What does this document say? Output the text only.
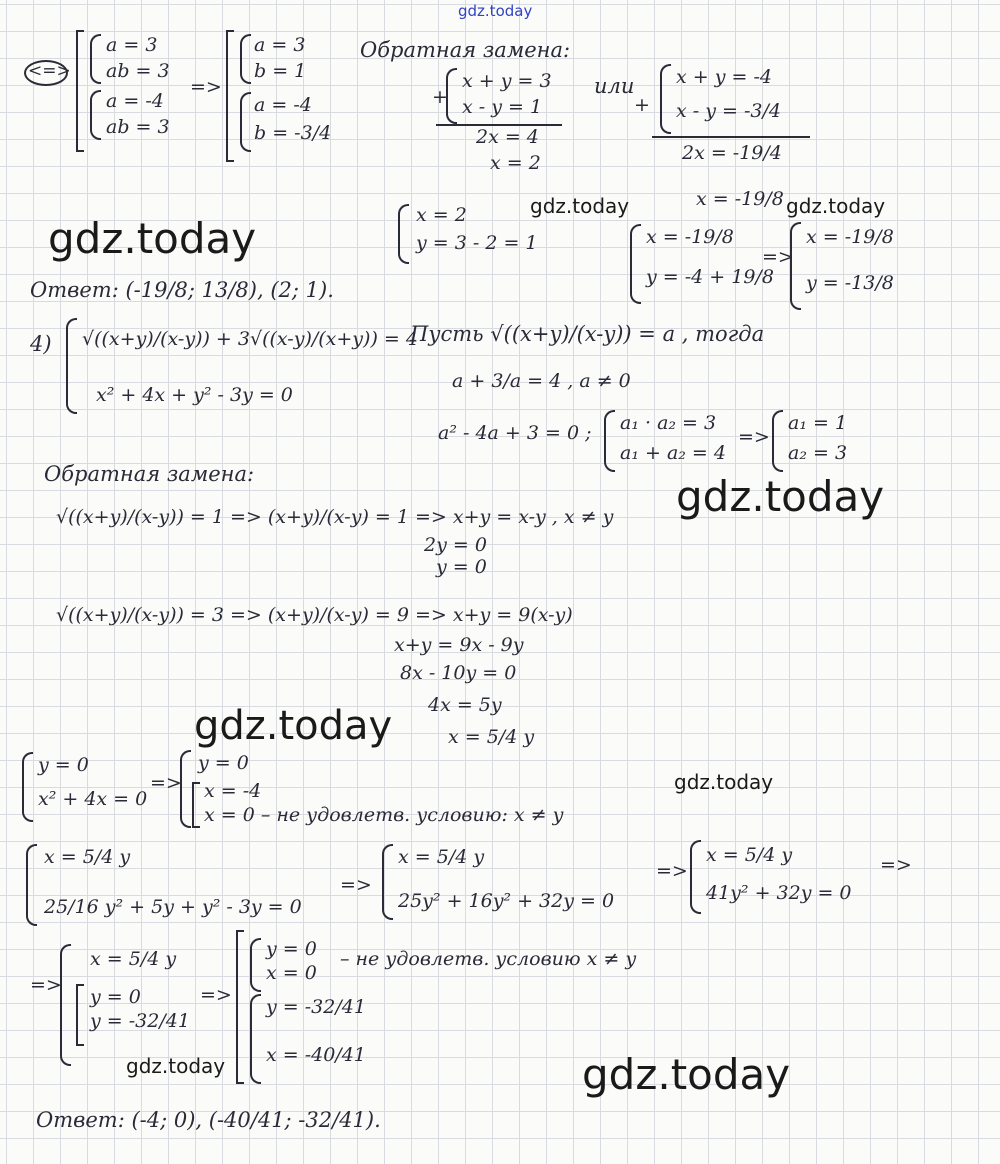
gdz.today
gdz.today
gdz.today	gdz.today
gdz.today
gdz.today
gdz.today
gdz.today	gdz.today
<=>
a = 3
ab = 3
a = -4
ab = 3
=>
a = 3
b = 1
a = -4
b = -3/4
Обратная замена:
+
x + y = 3
x - y = 1
2x = 4
x = 2
или
+
x + y = -4
x - y = -3/4
2x = -19/4
x = -19/8
x = 2
y = 3 - 2 = 1	x = -19/8
y = -4 + 19/8
=>
x = -19/8
y = -13/8
Ответ: (-19/8; 13/8), (2; 1).
4) √((x+y)/(x-y)) + 3√((x-y)/(x+y)) = 4
x² + 4x + y² - 3y = 0
Пусть √((x+y)/(x-y)) = a , тогда
a + 3/a = 4 , a ≠ 0
a² - 4a + 3 = 0 ; a₁ · a₂ = 3
a₁ + a₂ = 4
=>
a₁ = 1
a₂ = 3
Обратная замена:
√((x+y)/(x-y)) = 1 => (x+y)/(x-y) = 1 => x+y = x-y , x ≠ y
2y = 0
y = 0
√((x+y)/(x-y)) = 3 => (x+y)/(x-y) = 9 => x+y = 9(x-y)
x+y = 9x - 9y
8x - 10y = 0
4x = 5y
x = 5/4 y
y = 0
x² + 4x = 0
=>
y = 0
x = -4
x = 0 – не удовлетв. условию: x ≠ y
x = 5/4 y
25/16 y² + 5y + y² - 3y = 0
=>
x = 5/4 y
25y² + 16y² + 32y = 0
=>
x = 5/4 y
41y² + 32y = 0
=>
=>
x = 5/4 y
y = 0
y = -32/41
=>
y = 0
x = 0
– не удовлетв. условию x ≠ y
y = -32/41
x = -40/41
Ответ: (-4; 0), (-40/41; -32/41).
